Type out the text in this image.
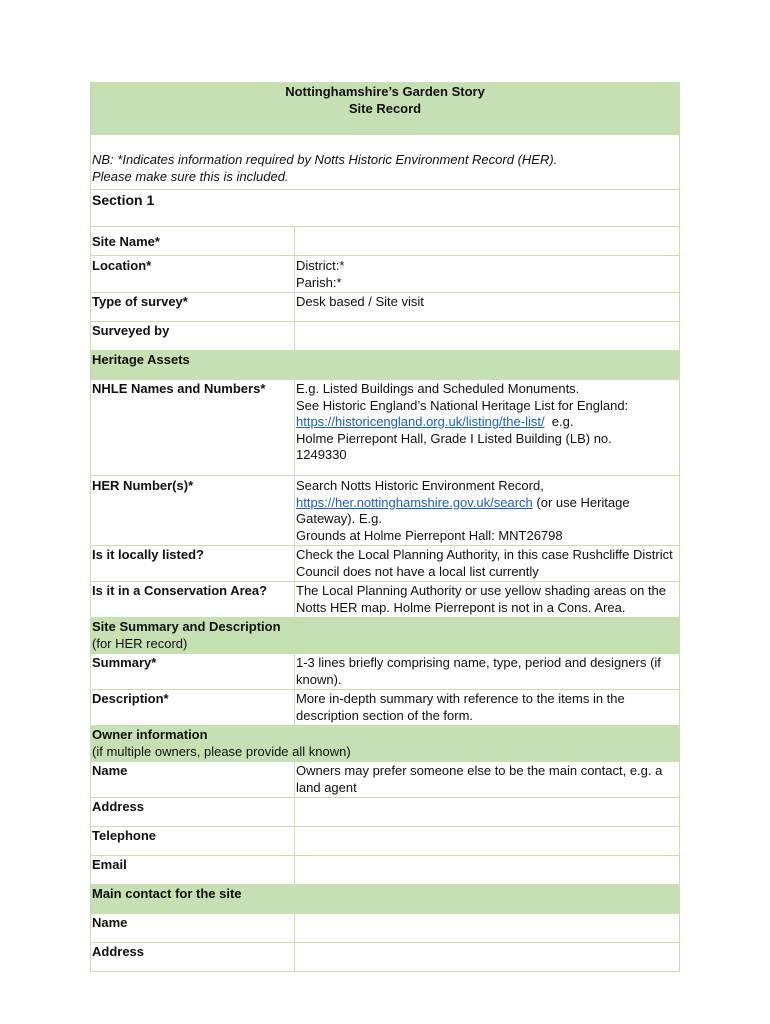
Nottinghamshire’s Garden Story
Site Record	

NB: *Indicates information required by Notts Historic Environment Record (HER).
Please make sure this is included.	

Section 1	
Site Name*	
Location*	District:*
Parish:*

Type of survey*	Desk based / Site visit
Surveyed by	
Heritage Assets	
NHLE Names and Numbers*	E.g. Listed Buildings and Scheduled Monuments.
See Historic England’s National Heritage List for England:
https://historicengland.org.uk/listing/the-list/  e.g.
Holme Pierrepont Hall, Grade I Listed Building (LB) no.
1249330

HER Number(s)*	Search Notts Historic Environment Record,
https://her.nottinghamshire.gov.uk/search (or use Heritage Gateway). E.g.
Grounds at Holme Pierrepont Hall: MNT26798

Is it locally listed?	Check the Local Planning Authority, in this case Rushcliffe District Council does not have a local list currently
Is it in a Conservation Area?	The Local Planning Authority or use yellow shading areas on the Notts HER map. Holme Pierrepont is not in a Cons. Area.

Site Summary and Description
(for HER record)	

Summary*	1-3 lines briefly comprising name, type, period and designers (if known).
Description*	More in-depth summary with reference to the items in the description section of the form.

Owner information
(if multiple owners, please provide all known)	

Name	Owners may prefer someone else to be the main contact, e.g. a land agent
Address	
Telephone	
Email	
Main contact for the site	
Name	
Address	
